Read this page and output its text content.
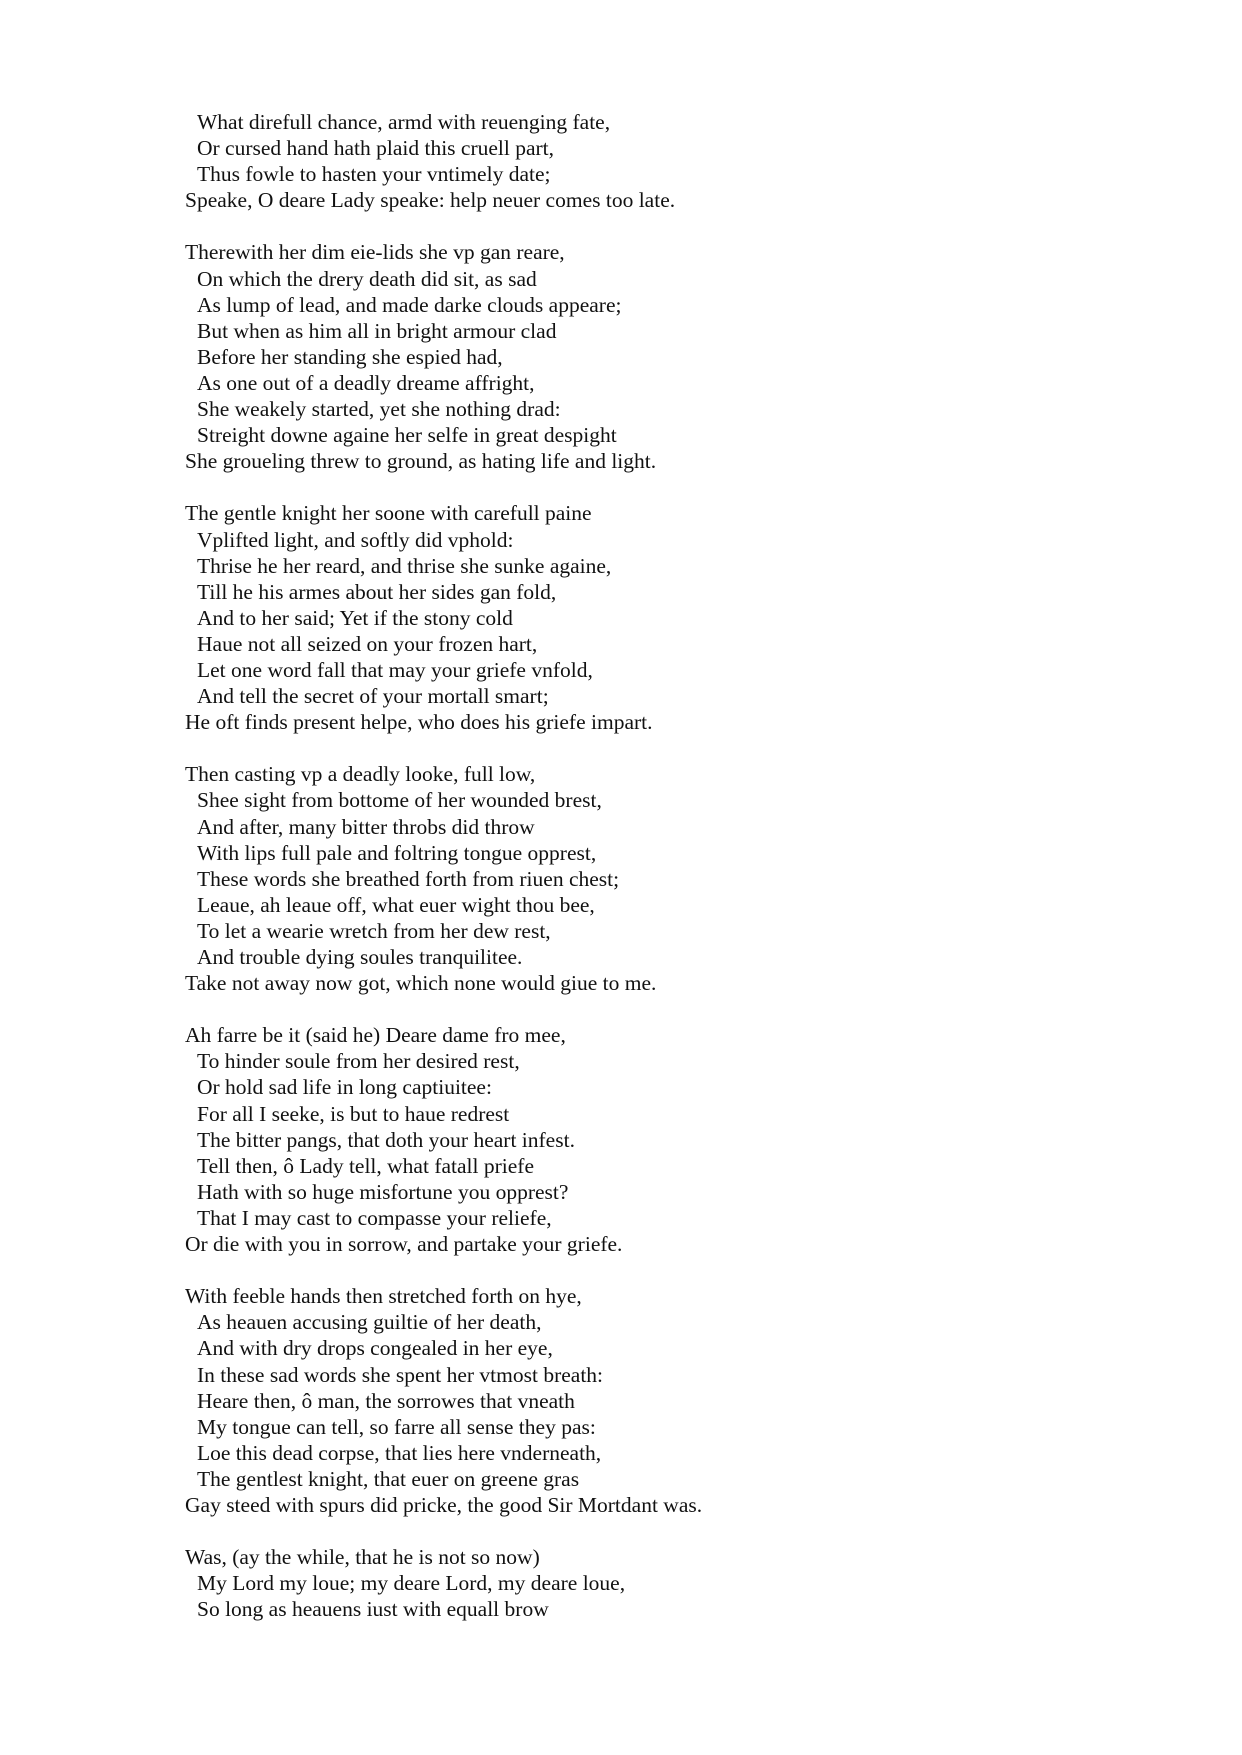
What direfull chance, armd with reuenging fate,
Or cursed hand hath plaid this cruell part,
Thus fowle to hasten your vntimely date;
Speake, O deare Lady speake: help neuer comes too late.
Therewith her dim eie-lids she vp gan reare,
On which the drery death did sit, as sad
As lump of lead, and made darke clouds appeare;
But when as him all in bright armour clad
Before her standing she espied had,
As one out of a deadly dreame affright,
She weakely started, yet she nothing drad:
Streight downe againe her selfe in great despight
She groueling threw to ground, as hating life and light.
The gentle knight her soone with carefull paine
Vplifted light, and softly did vphold:
Thrise he her reard, and thrise she sunke againe,
Till he his armes about her sides gan fold,
And to her said; Yet if the stony cold
Haue not all seized on your frozen hart,
Let one word fall that may your griefe vnfold,
And tell the secret of your mortall smart;
He oft finds present helpe, who does his griefe impart.
Then casting vp a deadly looke, full low,
Shee sight from bottome of her wounded brest,
And after, many bitter throbs did throw
With lips full pale and foltring tongue opprest,
These words she breathed forth from riuen chest;
Leaue, ah leaue off, what euer wight thou bee,
To let a wearie wretch from her dew rest,
And trouble dying soules tranquilitee.
Take not away now got, which none would giue to me.
Ah farre be it (said he) Deare dame fro mee,
To hinder soule from her desired rest,
Or hold sad life in long captiuitee:
For all I seeke, is but to haue redrest
The bitter pangs, that doth your heart infest.
Tell then, ô Lady tell, what fatall priefe
Hath with so huge misfortune you opprest?
That I may cast to compasse your reliefe,
Or die with you in sorrow, and partake your griefe.
With feeble hands then stretched forth on hye,
As heauen accusing guiltie of her death,
And with dry drops congealed in her eye,
In these sad words she spent her vtmost breath:
Heare then, ô man, the sorrowes that vneath
My tongue can tell, so farre all sense they pas:
Loe this dead corpse, that lies here vnderneath,
The gentlest knight, that euer on greene gras
Gay steed with spurs did pricke, the good Sir Mortdant was.
Was, (ay the while, that he is not so now)
My Lord my loue; my deare Lord, my deare loue,
So long as heauens iust with equall brow
